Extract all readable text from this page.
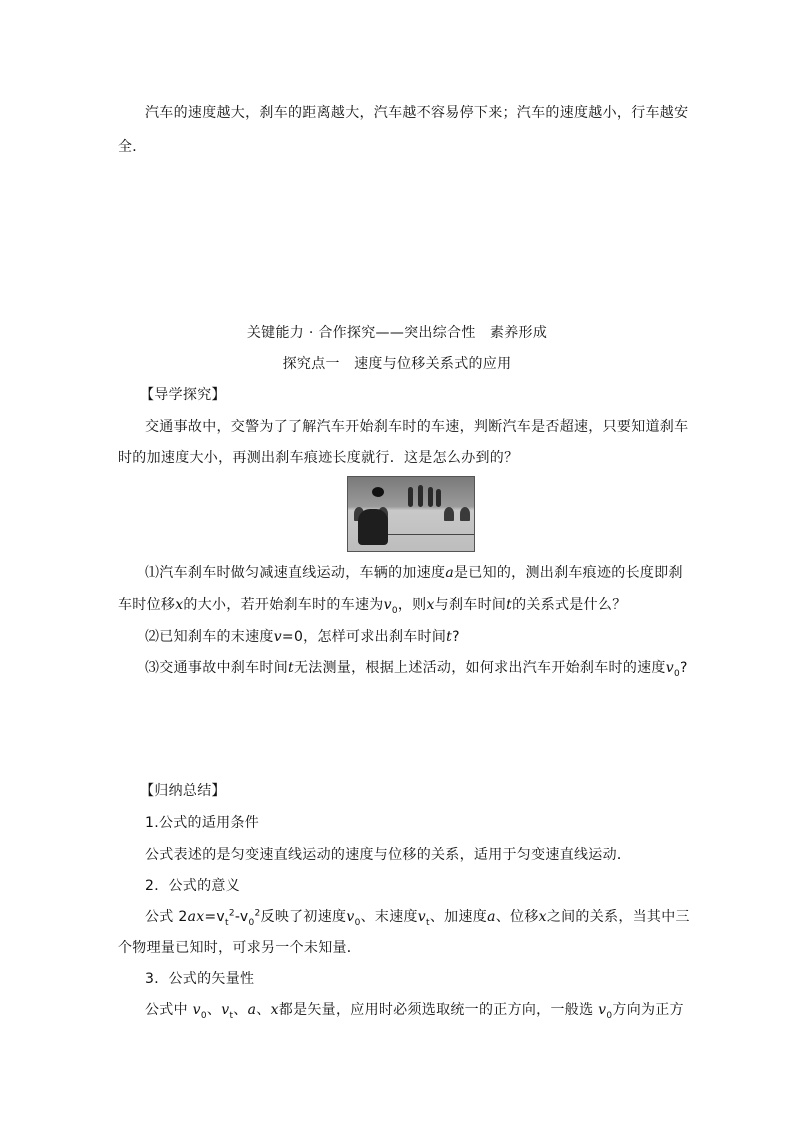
汽车的速度越大，刹车的距离越大，汽车越不容易停下来；汽车的速度越小，行车越安
全．
关键能力 · 合作探究——突出综合性　素养形成
探究点一　速度与位移关系式的应用
【导学探究】
交通事故中，交警为了了解汽车开始刹车时的车速，判断汽车是否超速，只要知道刹车
时的加速度大小，再测出刹车痕迹长度就行．这是怎么办到的？
⑴汽车刹车时做匀减速直线运动，车辆的加速度a是已知的，测出刹车痕迹的长度即刹
车时位移x的大小，若开始刹车时的车速为$v_0$，则x与刹车时间t的关系式是什么？
⑵已知刹车的末速度v=0，怎样可求出刹车时间t?
⑶交通事故中刹车时间t无法测量，根据上述活动，如何求出汽车开始刹车时的速度$v_0$?
【归纳总结】
1.公式的适用条件
公式表述的是匀变速直线运动的速度与位移的关系，适用于匀变速直线运动．
2．公式的意义
公式 $2ax=v_t^2-v_0^2$反映了初速度$v_0$、末速度$v_t$、加速度a、位移x之间的关系，当其中三
个物理量已知时，可求另一个未知量．
3．公式的矢量性
公式中 $v_0$、$v_t$、a、x都是矢量，应用时必须选取统一的正方向，一般选 $v_0$方向为正方
